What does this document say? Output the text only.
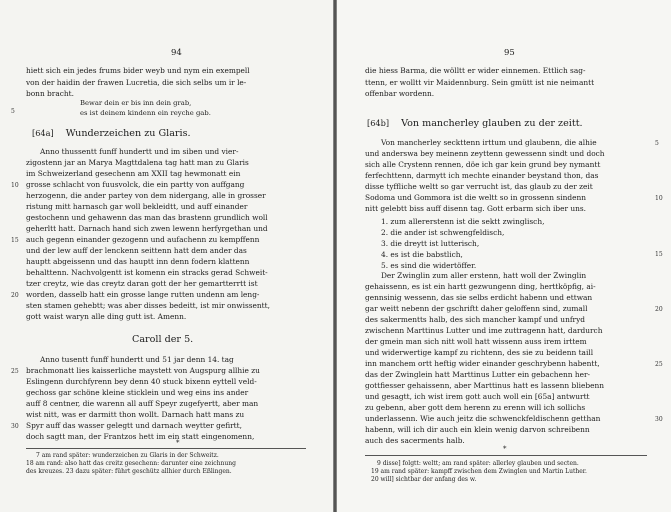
94
hiett sich ein jedes frums bider weyb und nym ein exempell
von der haidin der frawen Lucretia, die sich selbs um ir le-
bonn bracht.
Bewar dein er bis inn dein grab,
es ist deinem kindenn ein reyche gab.
5
[64a] Wunderzeichen zu Glaris.
Anno thussentt funff hundertt und im siben und vier-
zigostenn jar an Marya Magttdalena tag hatt man zu Glaris
im Schweizerland gesechenn am XXII tag hewmonatt ein
grosse schlacht von fuusvolck, die ein partty von auffgang
herzogenn, die ander partey von dem nidergang, alle in grosser
ristung mitt harnasch gar woll bekleidtt, und auff einander
gestochenn und gehawenn das man das brastenn grundlich woll
geherltt hatt. Darnach hand sich zwen lewenn herfyrgethan und
auch gegenn einander gezogenn und aufachenn zu kempffenn
und der lew auff der lenckenn seittenn hatt dem ander das
hauptt abgeissenn und das hauptt inn denn fodern klattenn
behalttenn. Nachvolgentt ist komenn ein stracks gerad Schweit-
tzer creytz, wie das creytz daran gott der her gemartterrtt ist
worden, dasselb hatt ein grosse lange rutten undenn am leng-
sten stamen gehebtt; was aber disses bedeitt, ist mir onwissentt,
gott waist waryn alle ding gutt ist. Amenn.
10
15
20
Caroll der 5.
Anno tusentt funff hundertt und 51 jar denn 14. tag
brachmonatt lies kaisserliche maystett von Augspurg allhie zu
Eslingenn durchfyrenn bey denn 40 stuck bixenn eyttell veld-
gechoss gar schöne kleine sticklein und weg eins ins ander
auff 8 centner, die warenn all auff Speyr zugefyertt, aber man
wist nitt, was er darmitt thon wollt. Darnach hatt mans zu
Spyr auff das wasser gelegtt und darnach weytter gefirtt,
doch sagtt man, der Frantzos hett im ein statt eingenomenn,
25
30
*
7 am rand später: wunderzeichen zu Glaris in der Schweitz.
18 am rand: also hatt das creitz gesechenn: darunter eine zeichnung
des kreuzes. 23 dazu später: führt geschütz allhier durch Eßlingen.
95
die hiess Barma, die wölltt er wider einnemen. Ettlich sag-
ttenn, er wolltt vir Maidennburg. Sein gmütt ist nie neimantt
offenbar wordenn.
[64b] Von mancherley glauben zu der zeitt.
Von mancherley seckttenn irttum und glaubenn, die alhie
und anderswa bey meinenn zeyttenn gewessenn sindt und doch
sich alle Crystenn rennen, döe ich gar kein grund bey nymantt
ferfechttenn, darmytt ich mechte einander beystand thon, das
disse tyffliche weltt so gar verrucht ist, das glaub zu der zeit
Sodoma und Gommora ist die weltt so in grossenn sindenn
nitt gelebtt biss auff disenn tag. Gott erbarm sich iber uns.
1. zum allererstenn ist die sektt zwinglisch,
2. die ander ist schwengfeldisch,
3. die dreytt ist lutterisch,
4. es ist die babstlich,
5. es sind die widertöffer.
Der Zwinglin zum aller erstenn, hatt woll der Zwinglin
gehaissenn, es ist ein hartt gezwungenn ding, herttköpfig, ai-
gennsinig wessenn, das sie selbs erdicht habenn und ettwan
gar weitt nebenn der gschriftt daher geloffenn sind, zumall
des sakermentts halb, des sich mancher kampf und unfryd
zwischenn Marttinus Lutter und ime zuttragenn hatt, dardurch
der gmein man sich nitt woll hatt wissenn auss irem irttem
und widerwertige kampf zu richtenn, des sie zu beidenn taill
inn manchem ortt heftig wider einander geschrybenn habentt,
das der Zwinglein hatt Marttinus Lutter ein gebachenn her-
gottfiesser gehaissenn, aber Marttinus hatt es lassenn bliebenn
und gesagtt, ich wist irem gott auch woll ein [65a] antwurtt
zu gebenn, aber gott dem herenn zu erenn will ich sollichs
underlassenn. Wie auch jeitz die schwenckfeldischenn getthan
habenn, will ich dir auch ein klein wenig darvon schreibenn
auch des sacerments halb.
5
10
15
20
25
30
*
9 disse] folgtt: weltt; am rand später: allerley glauben und secten.
19 am rand später: kampff zwischen dem Zwinglen und Martin Luther.
20 will] sichtbar der anfang des w.
